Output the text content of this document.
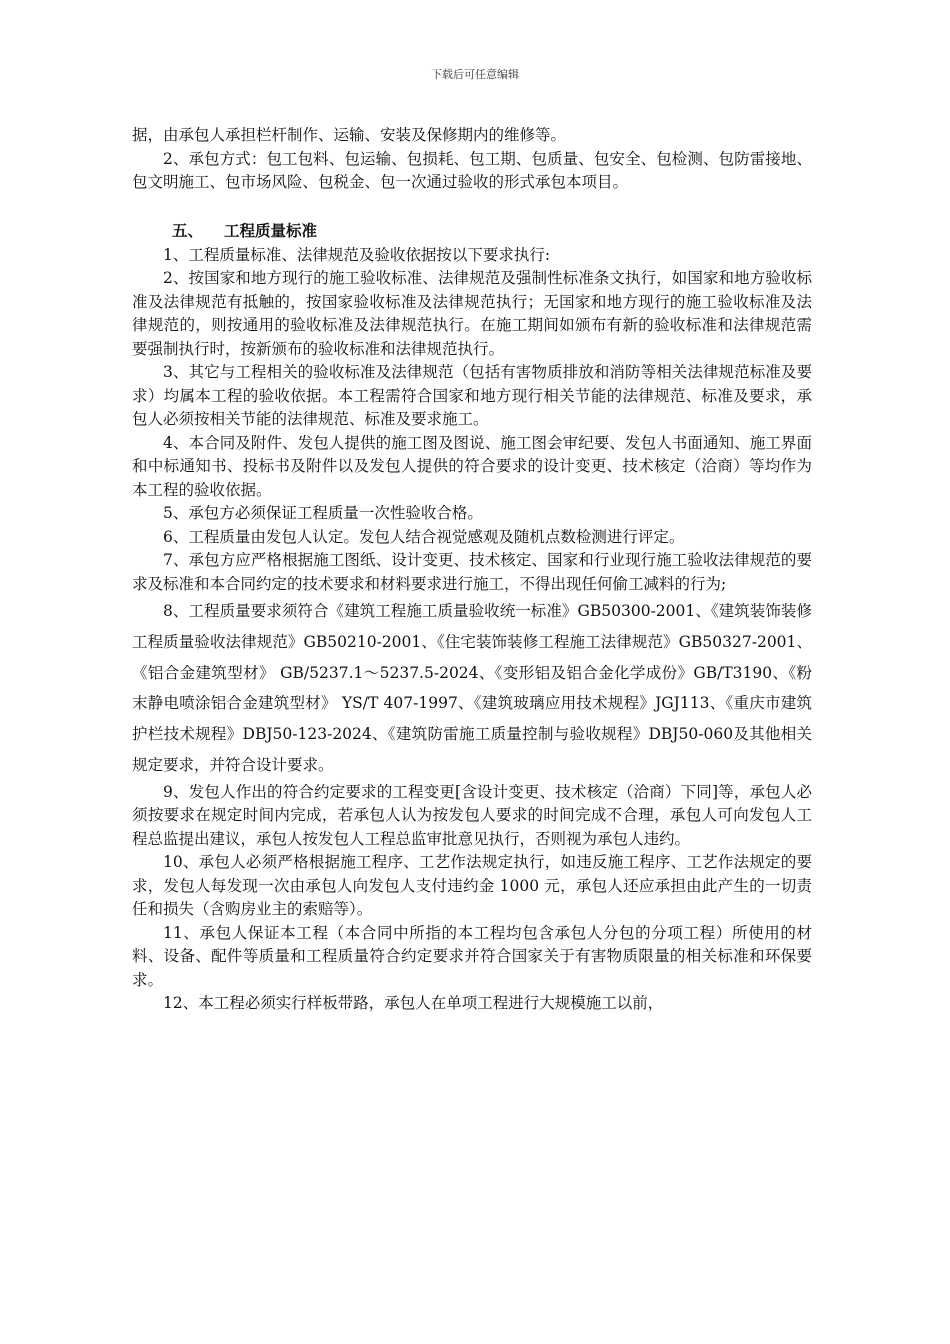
下载后可任意编辑

据，由承包人承担栏杆制作、运输、安装及保修期内的维修等。

2、承包方式：包工包料、包运输、包损耗、包工期、包质量、包安全、包检测、包防雷接地、包文明施工、包市场风险、包税金、包一次通过验收的形式承包本项目。

五、 工程质量标准

1、工程质量标准、法律规范及验收依据按以下要求执行:

2、按国家和地方现行的施工验收标准、法律规范及强制性标准条文执行，如国家和地方验收标准及法律规范有抵触的，按国家验收标准及法律规范执行；无国家和地方现行的施工验收标准及法律规范的，则按通用的验收标准及法律规范执行。在施工期间如颁布有新的验收标准和法律规范需要强制执行时，按新颁布的验收标准和法律规范执行。

3、其它与工程相关的验收标准及法律规范（包括有害物质排放和消防等相关法律规范标准及要求）均属本工程的验收依据。本工程需符合国家和地方现行相关节能的法律规范、标准及要求，承包人必须按相关节能的法律规范、标准及要求施工。

4、本合同及附件、发包人提供的施工图及图说、施工图会审纪要、发包人书面通知、施工界面和中标通知书、投标书及附件以及发包人提供的符合要求的设计变更、技术核定（洽商）等均作为本工程的验收依据。

5、承包方必须保证工程质量一次性验收合格。

6、工程质量由发包人认定。发包人结合视觉感观及随机点数检测进行评定。

7、承包方应严格根据施工图纸、设计变更、技术核定、国家和行业现行施工验收法律规范的要求及标准和本合同约定的技术要求和材料要求进行施工，不得出现任何偷工减料的行为;

8、工程质量要求须符合《建筑工程施工质量验收统一标准》GB50300-2001、《建筑装饰装修工程质量验收法律规范》GB50210-2001、《住宅装饰装修工程施工法律规范》GB50327-2001、《铝合金建筑型材》 GB/5237.1～5237.5-2024、《变形铝及铝合金化学成份》GB/T3190、《粉末静电喷涂铝合金建筑型材》 YS/T 407-1997、《建筑玻璃应用技术规程》JGJ113、《重庆市建筑护栏技术规程》DBJ50-123-2024、《建筑防雷施工质量控制与验收规程》DBJ50-060及其他相关规定要求，并符合设计要求。

9、发包人作出的符合约定要求的工程变更[含设计变更、技术核定（洽商）下同]等，承包人必须按要求在规定时间内完成，若承包人认为按发包人要求的时间完成不合理，承包人可向发包人工程总监提出建议，承包人按发包人工程总监审批意见执行，否则视为承包人违约。

10、承包人必须严格根据施工程序、工艺作法规定执行，如违反施工程序、工艺作法规定的要求，发包人每发现一次由承包人向发包人支付违约金 1000 元，承包人还应承担由此产生的一切责任和损失（含购房业主的索赔等）。

11、承包人保证本工程（本合同中所指的本工程均包含承包人分包的分项工程）所使用的材料、设备、配件等质量和工程质量符合约定要求并符合国家关于有害物质限量的相关标准和环保要求。

12、本工程必须实行样板带路，承包人在单项工程进行大规模施工以前，
